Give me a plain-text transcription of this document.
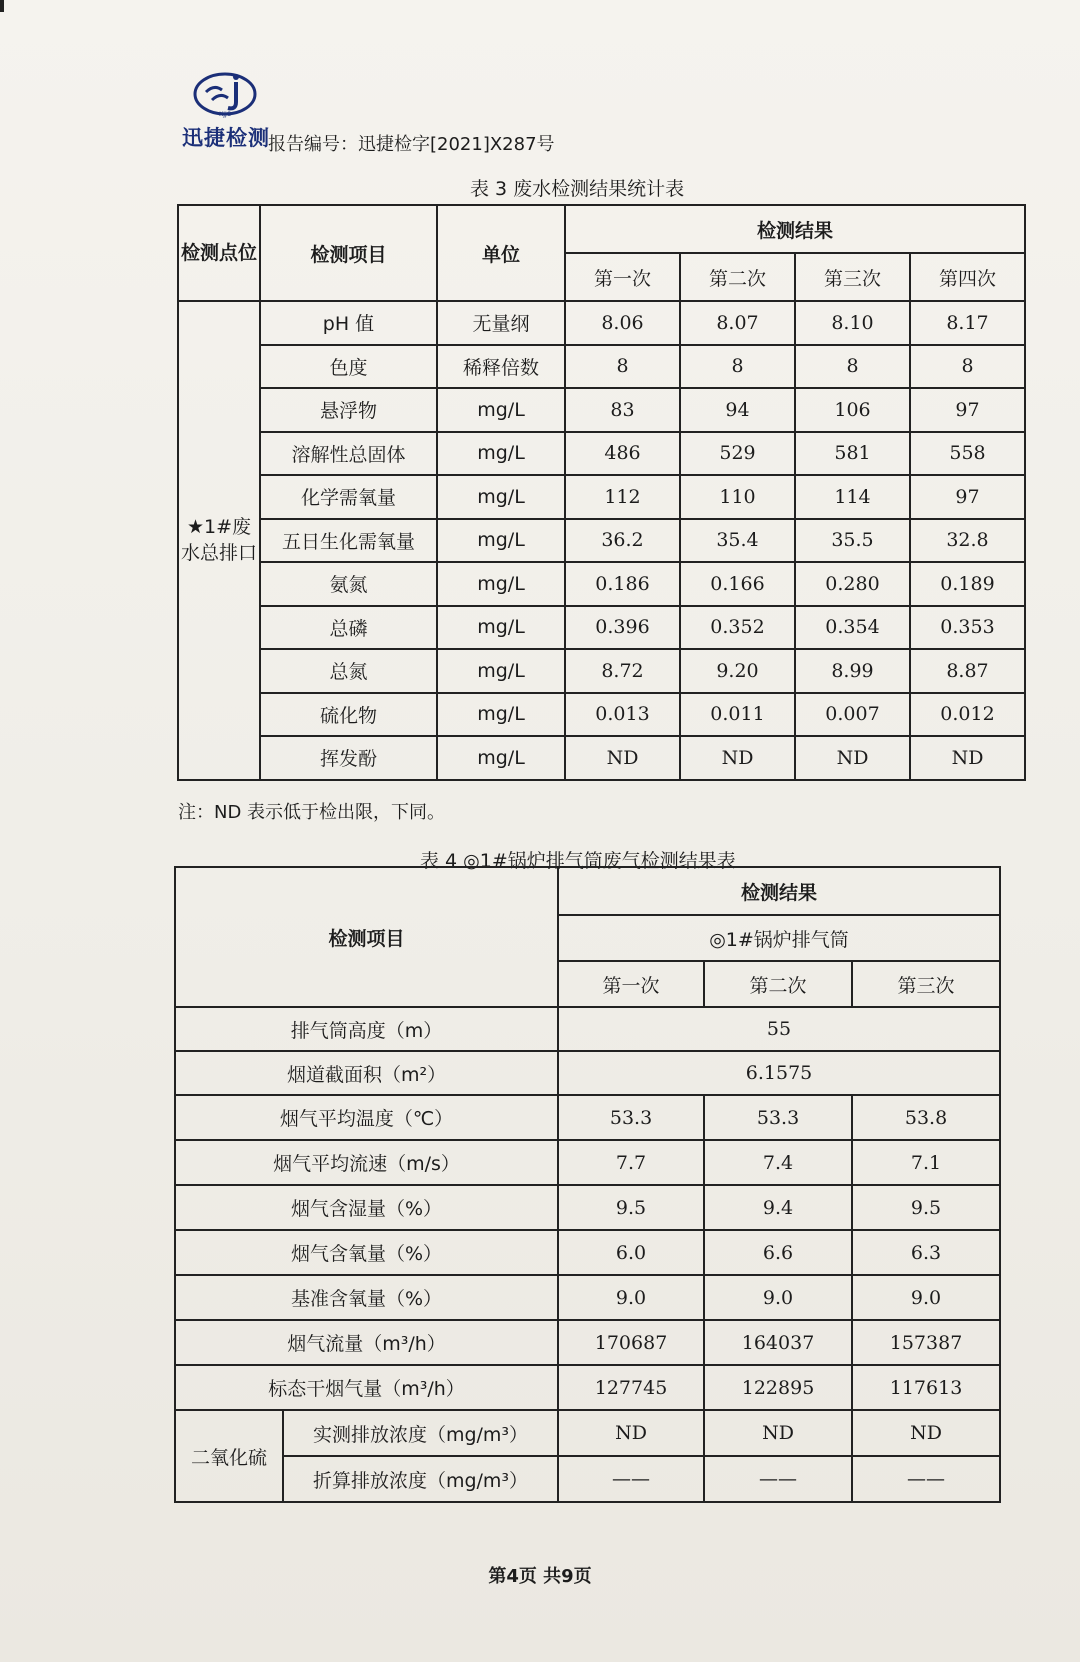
XJJC
迅捷检测
报告编号：迅捷检字[2021]X287号
表 3 废水检测结果统计表
检测点位	检测项目	单位	检测结果			
			第一次	第二次	第三次	第四次
★1#废水总排口	pH 值	无量纲	8.06	8.07	8.10	8.17
	色度	稀释倍数	8	8	8	8
	悬浮物	mg/L	83	94	106	97
	溶解性总固体	mg/L	486	529	581	558
	化学需氧量	mg/L	112	110	114	97
	五日生化需氧量	mg/L	36.2	35.4	35.5	32.8
	氨氮	mg/L	0.186	0.166	0.280	0.189
	总磷	mg/L	0.396	0.352	0.354	0.353
	总氮	mg/L	8.72	9.20	8.99	8.87
	硫化物	mg/L	0.013	0.011	0.007	0.012
	挥发酚	mg/L	ND	ND	ND	ND
注：ND 表示低于检出限，下同。
表 4 ◎1#锅炉排气筒废气检测结果表
检测项目		检测结果		
		◎1#锅炉排气筒		
		第一次	第二次	第三次
排气筒高度（m）		55		
烟道截面积（m²）		6.1575		
烟气平均温度（℃）		53.3	53.3	53.8
烟气平均流速（m/s）		7.7	7.4	7.1
烟气含湿量（%）		9.5	9.4	9.5
烟气含氧量（%）		6.0	6.6	6.3
基准含氧量（%）		9.0	9.0	9.0
烟气流量（m³/h）		170687	164037	157387
标态干烟气量（m³/h）		127745	122895	117613
二氧化硫	实测排放浓度（mg/m³）	ND	ND	ND
	折算排放浓度（mg/m³）	——	——	——
第4页 共9页
